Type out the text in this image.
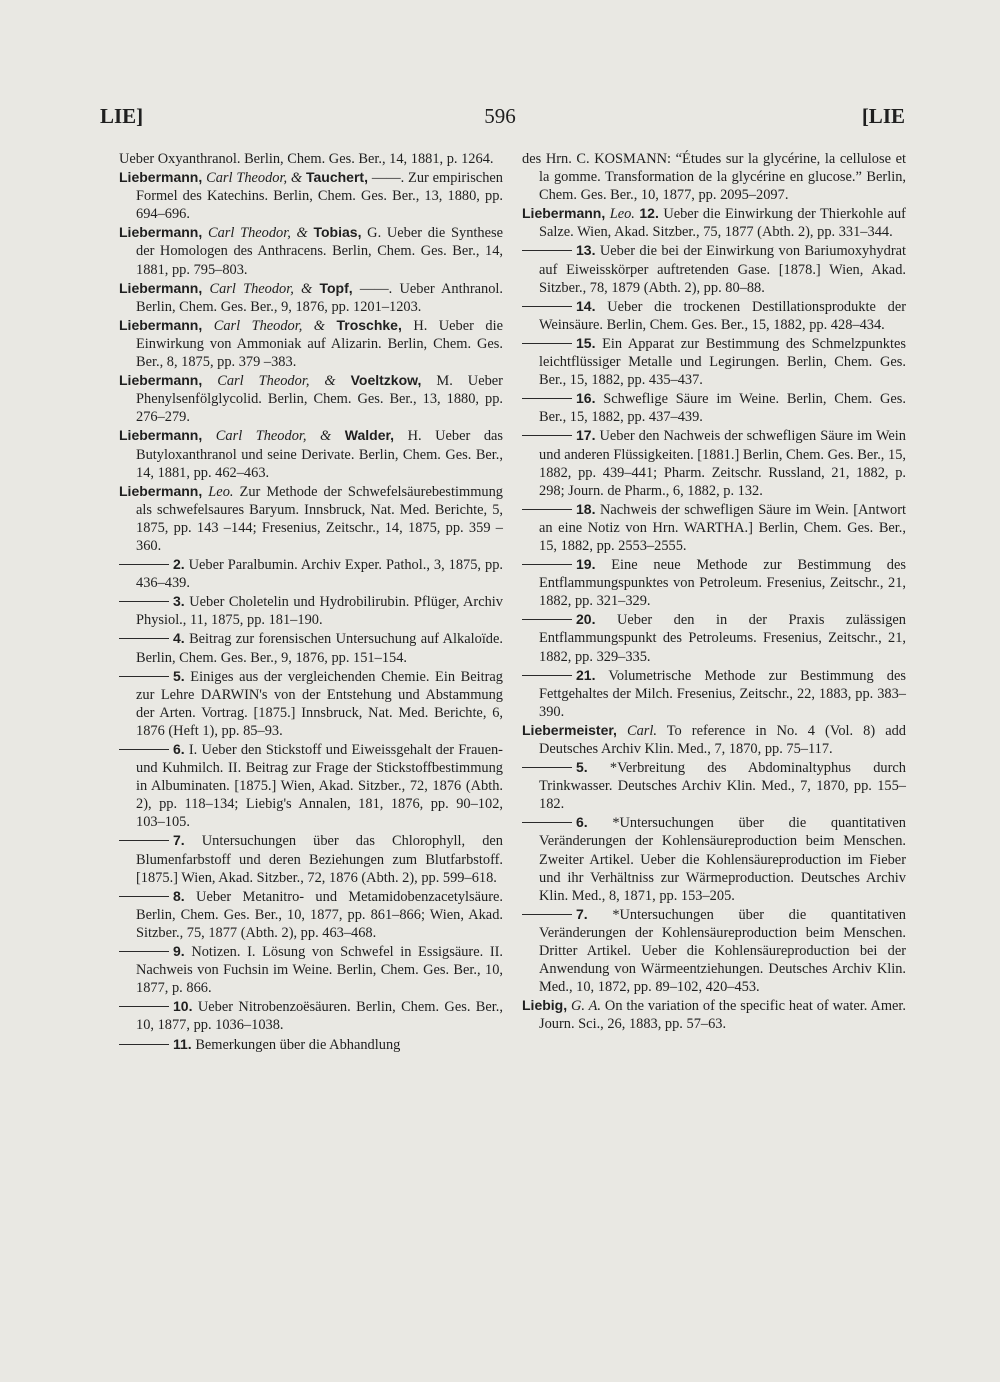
LIE]	596	[LIE
Ueber Oxyanthranol. Berlin, Chem. Ges. Ber., 14, 1881, p. 1264.
Liebermann, Carl Theodor, & Tauchert, ——. Zur empirischen Formel des Katechins. Berlin, Chem. Ges. Ber., 13, 1880, pp. 694–696.
Liebermann, Carl Theodor, & Tobias, G. Ueber die Synthese der Homologen des Anthracens. Berlin, Chem. Ges. Ber., 14, 1881, pp. 795–803.
Liebermann, Carl Theodor, & Topf, ——. Ueber Anthranol. Berlin, Chem. Ges. Ber., 9, 1876, pp. 1201–1203.
Liebermann, Carl Theodor, & Troschke, H. Ueber die Einwirkung von Ammoniak auf Alizarin. Berlin, Chem. Ges. Ber., 8, 1875, pp. 379 –383.
Liebermann, Carl Theodor, & Voeltzkow, M. Ueber Phenylsenfölglycolid. Berlin, Chem. Ges. Ber., 13, 1880, pp. 276–279.
Liebermann, Carl Theodor, & Walder, H. Ueber das Butyloxanthranol und seine Derivate. Berlin, Chem. Ges. Ber., 14, 1881, pp. 462–463.
Liebermann, Leo. Zur Methode der Schwefelsäurebestimmung als schwefelsaures Baryum. Innsbruck, Nat. Med. Berichte, 5, 1875, pp. 143 –144; Fresenius, Zeitschr., 14, 1875, pp. 359 –360.
2. Ueber Paralbumin. Archiv Exper. Pathol., 3, 1875, pp. 436–439.
3. Ueber Choletelin und Hydrobilirubin. Pflüger, Archiv Physiol., 11, 1875, pp. 181–190.
4. Beitrag zur forensischen Untersuchung auf Alkaloïde. Berlin, Chem. Ges. Ber., 9, 1876, pp. 151–154.
5. Einiges aus der vergleichenden Chemie. Ein Beitrag zur Lehre DARWIN's von der Entstehung und Abstammung der Arten. Vortrag. [1875.] Innsbruck, Nat. Med. Berichte, 6, 1876 (Heft 1), pp. 85–93.
6. I. Ueber den Stickstoff und Eiweissgehalt der Frauen- und Kuhmilch. II. Beitrag zur Frage der Stickstoffbestimmung in Albuminaten. [1875.] Wien, Akad. Sitzber., 72, 1876 (Abth. 2), pp. 118–134; Liebig's Annalen, 181, 1876, pp. 90–102, 103–105.
7. Untersuchungen über das Chlorophyll, den Blumenfarbstoff und deren Beziehungen zum Blutfarbstoff. [1875.] Wien, Akad. Sitzber., 72, 1876 (Abth. 2), pp. 599–618.
8. Ueber Metanitro- und Metamidobenzacetylsäure. Berlin, Chem. Ges. Ber., 10, 1877, pp. 861–866; Wien, Akad. Sitzber., 75, 1877 (Abth. 2), pp. 463–468.
9. Notizen. I. Lösung von Schwefel in Essigsäure. II. Nachweis von Fuchsin im Weine. Berlin, Chem. Ges. Ber., 10, 1877, p. 866.
10. Ueber Nitrobenzoësäuren. Berlin, Chem. Ges. Ber., 10, 1877, pp. 1036–1038.
11. Bemerkungen über die Abhandlung
des Hrn. C. KOSMANN: “Études sur la glycérine, la cellulose et la gomme. Transformation de la glycérine en glucose.” Berlin, Chem. Ges. Ber., 10, 1877, pp. 2095–2097.
Liebermann, Leo. 12. Ueber die Einwirkung der Thierkohle auf Salze. Wien, Akad. Sitzber., 75, 1877 (Abth. 2), pp. 331–344.
13. Ueber die bei der Einwirkung von Bariumoxyhydrat auf Eiweisskörper auftretenden Gase. [1878.] Wien, Akad. Sitzber., 78, 1879 (Abth. 2), pp. 80–88.
14. Ueber die trockenen Destillationsprodukte der Weinsäure. Berlin, Chem. Ges. Ber., 15, 1882, pp. 428–434.
15. Ein Apparat zur Bestimmung des Schmelzpunktes leichtflüssiger Metalle und Legirungen. Berlin, Chem. Ges. Ber., 15, 1882, pp. 435–437.
16. Schweflige Säure im Weine. Berlin, Chem. Ges. Ber., 15, 1882, pp. 437–439.
17. Ueber den Nachweis der schwefligen Säure im Wein und anderen Flüssigkeiten. [1881.] Berlin, Chem. Ges. Ber., 15, 1882, pp. 439–441; Pharm. Zeitschr. Russland, 21, 1882, p. 298; Journ. de Pharm., 6, 1882, p. 132.
18. Nachweis der schwefligen Säure im Wein. [Antwort an eine Notiz von Hrn. WARTHA.] Berlin, Chem. Ges. Ber., 15, 1882, pp. 2553–2555.
19. Eine neue Methode zur Bestimmung des Entflammungspunktes von Petroleum. Fresenius, Zeitschr., 21, 1882, pp. 321–329.
20. Ueber den in der Praxis zulässigen Entflammungspunkt des Petroleums. Fresenius, Zeitschr., 21, 1882, pp. 329–335.
21. Volumetrische Methode zur Bestimmung des Fettgehaltes der Milch. Fresenius, Zeitschr., 22, 1883, pp. 383–390.
Liebermeister, Carl. To reference in No. 4 (Vol. 8) add Deutsches Archiv Klin. Med., 7, 1870, pp. 75–117.
5. *Verbreitung des Abdominaltyphus durch Trinkwasser. Deutsches Archiv Klin. Med., 7, 1870, pp. 155–182.
6. *Untersuchungen über die quantitativen Veränderungen der Kohlensäureproduction beim Menschen. Zweiter Artikel. Ueber die Kohlensäureproduction im Fieber und ihr Verhältniss zur Wärmeproduction. Deutsches Archiv Klin. Med., 8, 1871, pp. 153–205.
7. *Untersuchungen über die quantitativen Veränderungen der Kohlensäureproduction beim Menschen. Dritter Artikel. Ueber die Kohlensäureproduction bei der Anwendung von Wärmeentziehungen. Deutsches Archiv Klin. Med., 10, 1872, pp. 89–102, 420–453.
Liebig, G. A. On the variation of the specific heat of water. Amer. Journ. Sci., 26, 1883, pp. 57–63.
